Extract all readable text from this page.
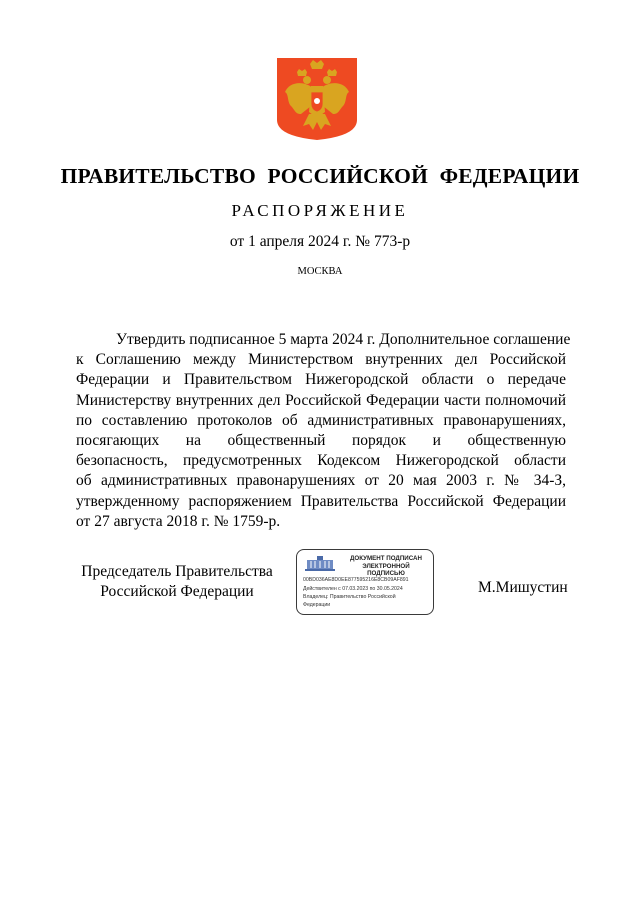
ПРАВИТЕЛЬСТВО РОССИЙСКОЙ ФЕДЕРАЦИИ
РАСПОРЯЖЕНИЕ
от 1 апреля 2024 г. № 773-р
МОСКВА
Утвердить подписанное 5 марта 2024 г. Дополнительное соглашение
к Соглашению между Министерством внутренних дел Российской
Федерации и Правительством Нижегородской области о передаче
Министерству внутренних дел Российской Федерации части полномочий
по составлению протоколов об административных правонарушениях,
посягающих на общественный порядок и общественную
безопасность, предусмотренных Кодексом Нижегородской области
об административных правонарушениях от 20 мая 2003 г. № 34-З,
утвержденному распоряжением Правительства Российской Федерации
от 27 августа 2018 г. № 1759-р.
Председатель Правительства
Российской Федерации
ДОКУМЕНТ ПОДПИСАН
ЭЛЕКТРОННОЙ ПОДПИСЬЮ
00BD036AE8D0EE877595216E8CB09AF891
Действителен с 07.03.2023 по 30.05.2024
Владелец: Правительство Российской
Федерации
М.Мишустин
